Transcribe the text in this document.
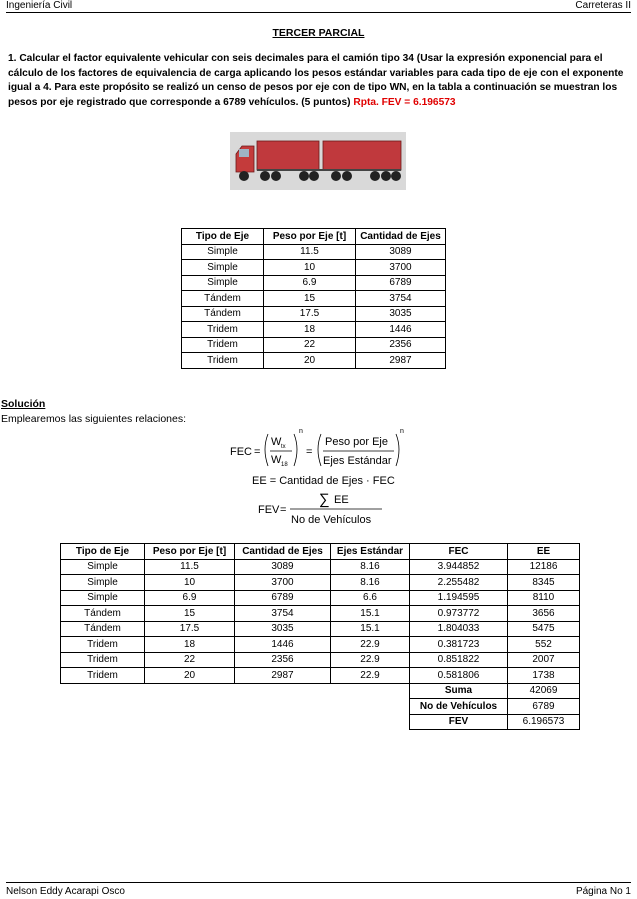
Ingeniería Civil	Carreteras II
TERCER PARCIAL
1. Calcular el factor equivalente vehicular con seis decimales para el camión tipo 34 (Usar la expresión exponencial para el cálculo de los factores de equivalencia de carga aplicando los pesos estándar variables para cada tipo de eje con el exponente igual a 4. Para este propósito se realizó un censo de pesos por eje con de tipo WN, en la tabla a continuación se muestran los pesos por eje registrado que corresponde a 6789 vehículos. (5 puntos) Rpta. FEV = 6.196573
Tipo de Eje	Peso por Eje [t]	Cantidad de Ejes
Simple	11.5	3089
Simple	10	3700
Simple	6.9	6789
Tándem	15	3754
Tándem	17.5	3035
Tridem	18	1446
Tridem	22	2356
Tridem	20	2987
Solución
Emplearemos las siguientes relaciones:
FEC =
W tx
W 18
n
=
Peso por Eje
Ejes Estándar
n
EE = Cantidad de Ejes · FEC
FEV =
∑ EE
No de Vehículos
Tipo de Eje	Peso por Eje [t]	Cantidad de Ejes	Ejes Estándar	FEC	EE
Simple	11.5	3089	8.16	3.944852	12186
Simple	10	3700	8.16	2.255482	8345
Simple	6.9	6789	6.6	1.194595	8110
Tándem	15	3754	15.1	0.973772	3656
Tándem	17.5	3035	15.1	1.804033	5475
Tridem	18	1446	22.9	0.381723	552
Tridem	22	2356	22.9	0.851822	2007
Tridem	20	2987	22.9	0.581806	1738
				Suma	42069
				No de Vehículos	6789
				FEV	6.196573
Nelson Eddy Acarapi Osco	Página No 1
